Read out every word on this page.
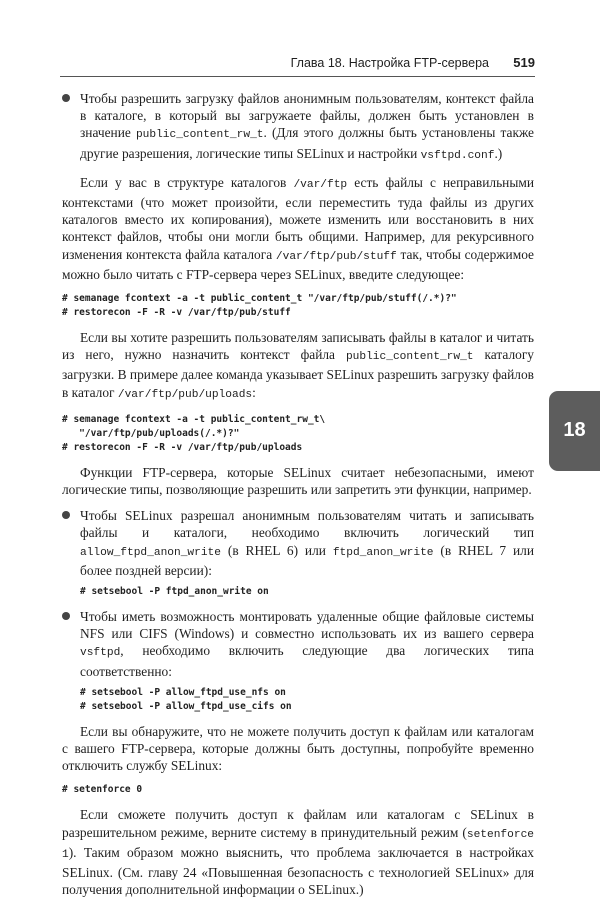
Глава 18. Настройка FTP-сервера 519
18

Чтобы разрешить загрузку файлов анонимным пользователям, контекст файла в каталоге, в который вы загружаете файлы, должен быть установлен в значение public_content_rw_t. (Для этого должны быть установлены также другие разрешения, логические типы SELinux и настройки vsftpd.conf.)

Если у вас в структуре каталогов /var/ftp есть файлы с неправильными контекстами (что может произойти, если переместить туда файлы из других каталогов вместо их копирования), можете изменить или восстановить в них контекст файлов, чтобы они могли быть общими. Например, для рекурсивного изменения контекста файла каталога /var/ftp/pub/stuff так, чтобы содержимое можно было читать с FTP-сервера через SELinux, введите следующее:

# semanage fcontext -a -t public_content_t "/var/ftp/pub/stuff(/.*)?"
# restorecon -F -R -v /var/ftp/pub/stuff

Если вы хотите разрешить пользователям записывать файлы в каталог и читать из него, нужно назначить контекст файла public_content_rw_t каталогу загрузки. В примере далее команда указывает SELinux разрешить загрузку файлов в каталог /var/ftp/pub/uploads:

# semanage fcontext -a -t public_content_rw_t\
"/var/ftp/pub/uploads(/.*)?"
# restorecon -F -R -v /var/ftp/pub/uploads

Функции FTP-сервера, которые SELinux считает небезопасными, имеют логические типы, позволяющие разрешить или запретить эти функции, например.

Чтобы SELinux разрешал анонимным пользователям читать и записывать файлы и каталоги, необходимо включить логический тип allow_ftpd_anon_write (в RHEL 6) или ftpd_anon_write (в RHEL 7 или более поздней версии):

# setsebool -P ftpd_anon_write on

Чтобы иметь возможность монтировать удаленные общие файловые системы NFS или CIFS (Windows) и совместно использовать их из вашего сервера vsftpd, необходимо включить следующие два логических типа соответственно:

# setsebool -P allow_ftpd_use_nfs on
# setsebool -P allow_ftpd_use_cifs on

Если вы обнаружите, что не можете получить доступ к файлам или каталогам с вашего FTP-сервера, которые должны быть доступны, попробуйте временно отключить службу SELinux:

# setenforce 0

Если сможете получить доступ к файлам или каталогам с SELinux в разрешительном режиме, верните систему в принудительный режим (setenforce 1). Таким образом можно выяснить, что проблема заключается в настройках SELinux. (См. главу 24 «Повышенная безопасность с технологией SELinux» для получения дополнительной информации о SELinux.)
